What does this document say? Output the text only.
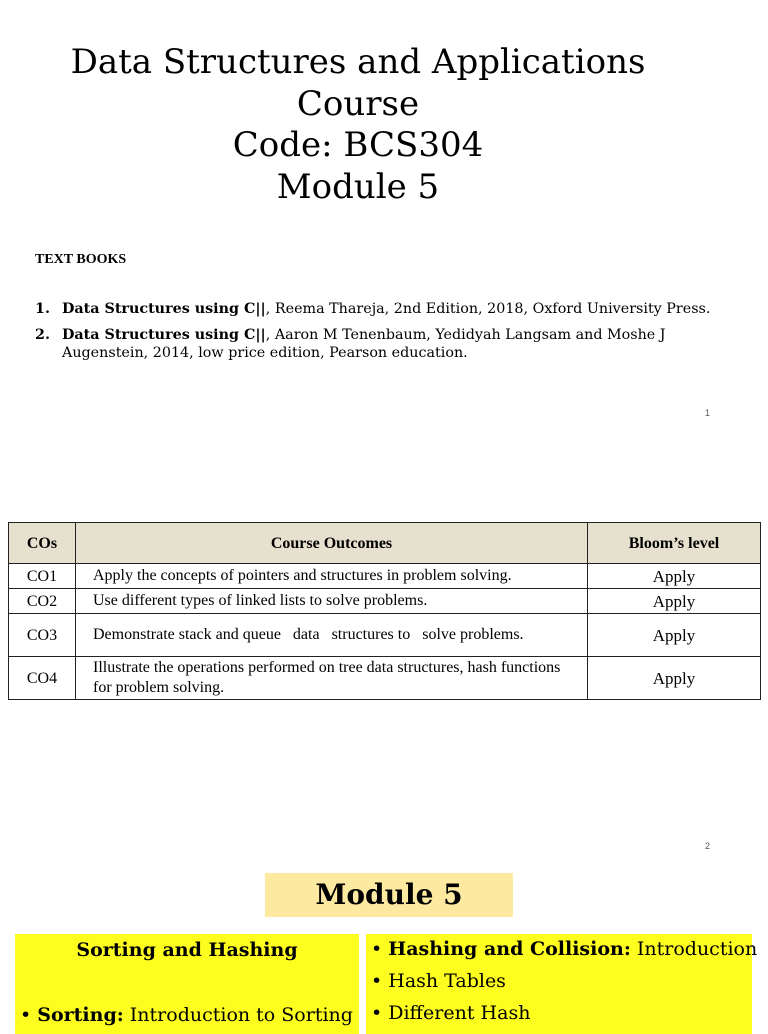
Data Structures and Applications
Course
Code: BCS304
Module 5
TEXT BOOKS
1. Data Structures using C||, Reema Thareja, 2nd Edition, 2018, Oxford University Press.
2. Data Structures using C||, Aaron M Tenenbaum, Yedidyah Langsam and Moshe J Augenstein, 2014, low price edition, Pearson education.
1
COs	Course Outcomes	Bloom’s level
CO1	Apply the concepts of pointers and structures in problem solving.	Apply
CO2	Use different types of linked lists to solve problems.	Apply
CO3	Demonstrate stack and queue   data   structures to   solve problems.	Apply
CO4	Illustrate the operations performed on tree data structures, hash functions for problem solving.	Apply
2
Module 5
Sorting and Hashing
• Sorting: Introduction to Sorting
• Hashing and Collision: Introduction
• Hash Tables
• Different Hash
